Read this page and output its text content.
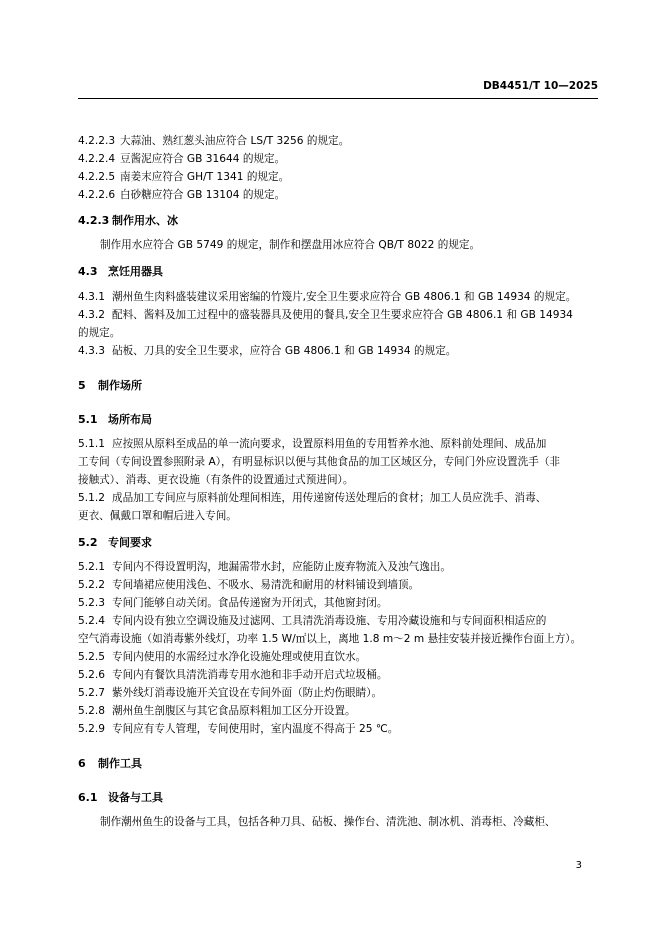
DB4451/T 10—2025
4.2.2.3 大蒜油、熟红葱头油应符合 LS/T 3256 的规定。
4.2.2.4 豆酱泥应符合 GB 31644 的规定。
4.2.2.5 南姜末应符合 GH/T 1341 的规定。
4.2.2.6 白砂糖应符合 GB 13104 的规定。
4.2.3 制作用水、冰
制作用水应符合 GB 5749 的规定，制作和摆盘用冰应符合 QB/T 8022 的规定。
4.3 烹饪用器具
4.3.1 潮州鱼生肉料盛装建议采用密编的竹篾片,安全卫生要求应符合 GB 4806.1 和 GB 14934 的规定。
4.3.2 配料、酱料及加工过程中的盛装器具及使用的餐具,安全卫生要求应符合 GB 4806.1 和 GB 14934
的规定。
4.3.3 砧板、刀具的安全卫生要求，应符合 GB 4806.1 和 GB 14934 的规定。
5 制作场所
5.1 场所布局
5.1.1 应按照从原料至成品的单一流向要求，设置原料用鱼的专用暂养水池、原料前处理间、成品加
工专间（专间设置参照附录 A），有明显标识以便与其他食品的加工区域区分，专间门外应设置洗手（非
接触式）、消毒、更衣设施（有条件的设置通过式预进间）。
5.1.2 成品加工专间应与原料前处理间相连，用传递窗传送处理后的食材；加工人员应洗手、消毒、
更衣、佩戴口罩和帽后进入专间。
5.2 专间要求
5.2.1 专间内不得设置明沟，地漏需带水封，应能防止废弃物流入及浊气逸出。
5.2.2 专间墙裙应使用浅色、不吸水、易清洗和耐用的材料铺设到墙顶。
5.2.3 专间门能够自动关闭。食品传递窗为开闭式，其他窗封闭。
5.2.4 专间内设有独立空调设施及过滤网、工具清洗消毒设施、专用冷藏设施和与专间面积相适应的
空气消毒设施（如消毒紫外线灯，功率 1.5 W/㎡以上，离地 1.8 m～2 m 悬挂安装并接近操作台面上方）。
5.2.5 专间内使用的水需经过水净化设施处理或使用直饮水。
5.2.6 专间内有餐饮具清洗消毒专用水池和非手动开启式垃圾桶。
5.2.7 紫外线灯消毒设施开关宜设在专间外面（防止灼伤眼睛）。
5.2.8 潮州鱼生剖腹区与其它食品原料粗加工区分开设置。
5.2.9 专间应有专人管理，专间使用时，室内温度不得高于 25 ℃。
6 制作工具
6.1 设备与工具
制作潮州鱼生的设备与工具，包括各种刀具、砧板、操作台、清洗池、制冰机、消毒柜、冷藏柜、
3
